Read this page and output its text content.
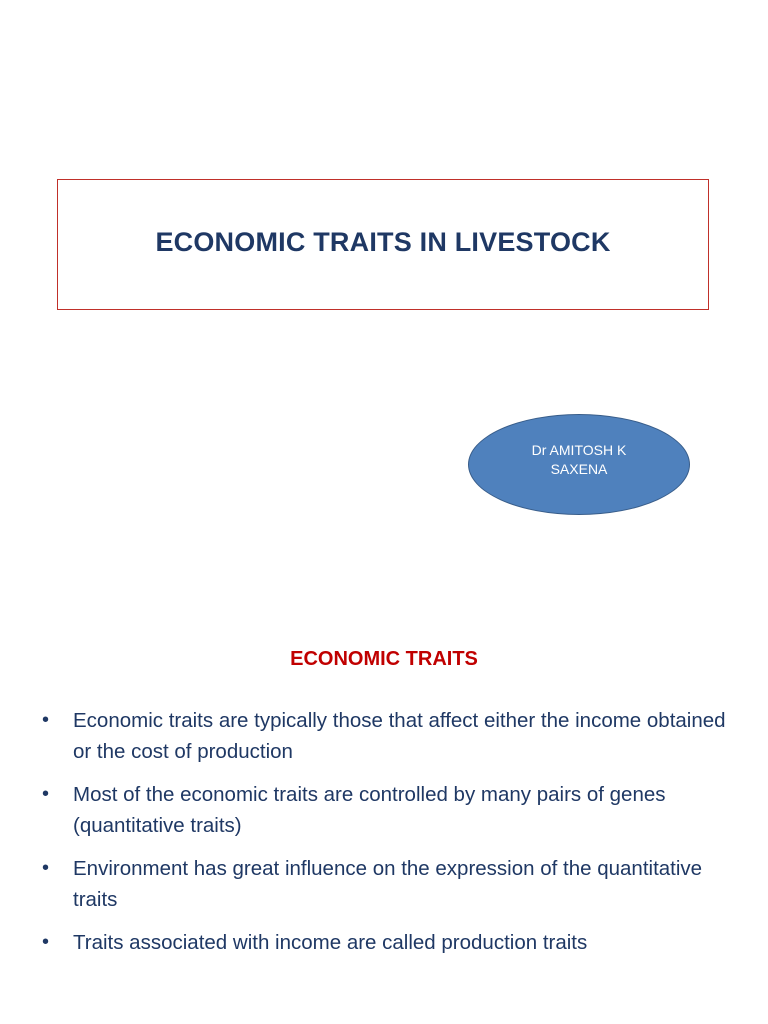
ECONOMIC TRAITS IN LIVESTOCK
Dr AMITOSH K
SAXENA
ECONOMIC TRAITS
• Economic traits are typically those that affect either the income obtained or the cost of production
• Most of the economic traits are controlled by many pairs of genes (quantitative traits)
• Environment has great influence on the expression of the quantitative traits
• Traits associated with income are called production traits
